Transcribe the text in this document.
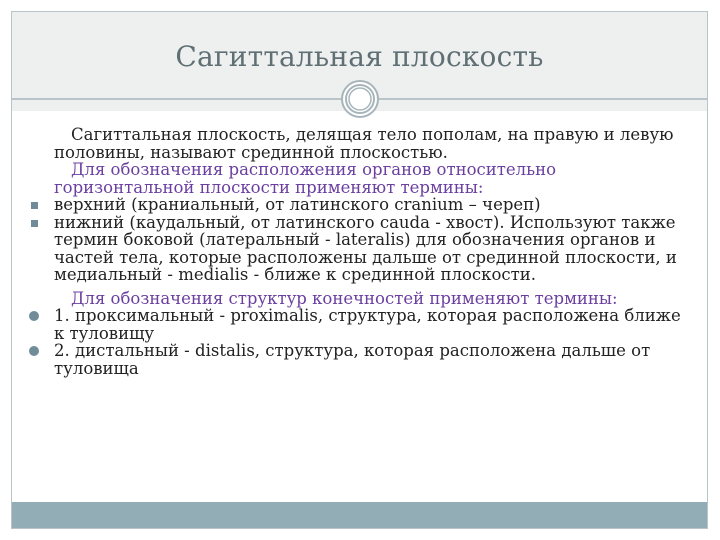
Сагиттальная плоскость

Сагиттальная плоскость, делящая тело пополам, на правую и левую половины, называют срединной плоскостью.

Для обозначения расположения органов относительно горизонтальной плоскости применяют термины:

верхний (краниальный, от латинского cranium – череп)

нижний (каудальный, от латинского cauda - хвост). Используют также термин боковой (латеральный - lateralis) для обозначения органов и частей тела, которые расположены дальше от срединной плоскости, и медиальный - medialis - ближе к срединной плоскости.

Для обозначения структур конечностей применяют термины:

1. проксимальный - proximalis, структура, которая расположена ближе к туловищу

2. дистальный - distalis, структура, которая расположена дальше от туловища
